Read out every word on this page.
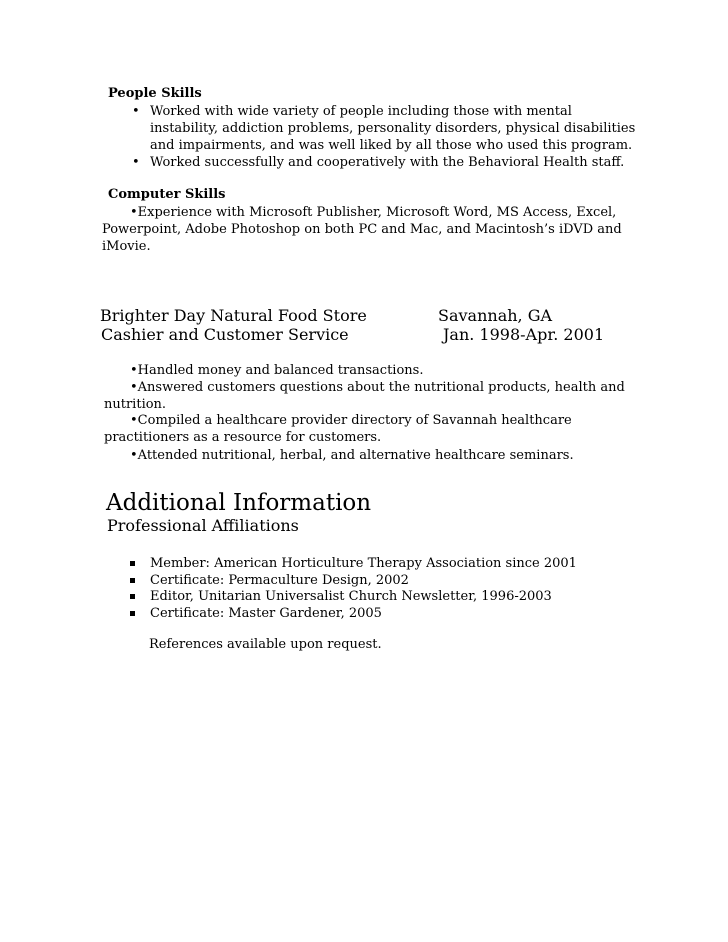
People Skills
• Worked with wide variety of people including those with mental
instability, addiction problems, personality disorders, physical disabilities
and impairments, and was well liked by all those who used this program.
• Worked successfully and cooperatively with the Behavioral Health staff.
Computer Skills
•Experience with Microsoft Publisher, Microsoft Word, MS Access, Excel,
Powerpoint, Adobe Photoshop on both PC and Mac, and Macintosh’s iDVD and
iMovie.
Brighter Day Natural Food Store	Savannah, GA
Cashier and Customer Service	Jan. 1998-Apr. 2001
•Handled money and balanced transactions.
•Answered customers questions about the nutritional products, health and
nutrition.
•Compiled a healthcare provider directory of Savannah healthcare
practitioners as a resource for customers.
•Attended nutritional, herbal, and alternative healthcare seminars.
Additional Information
Professional Affiliations
Member: American Horticulture Therapy Association since 2001
Certificate: Permaculture Design, 2002
Editor, Unitarian Universalist Church Newsletter, 1996-2003
Certificate: Master Gardener, 2005
References available upon request.
